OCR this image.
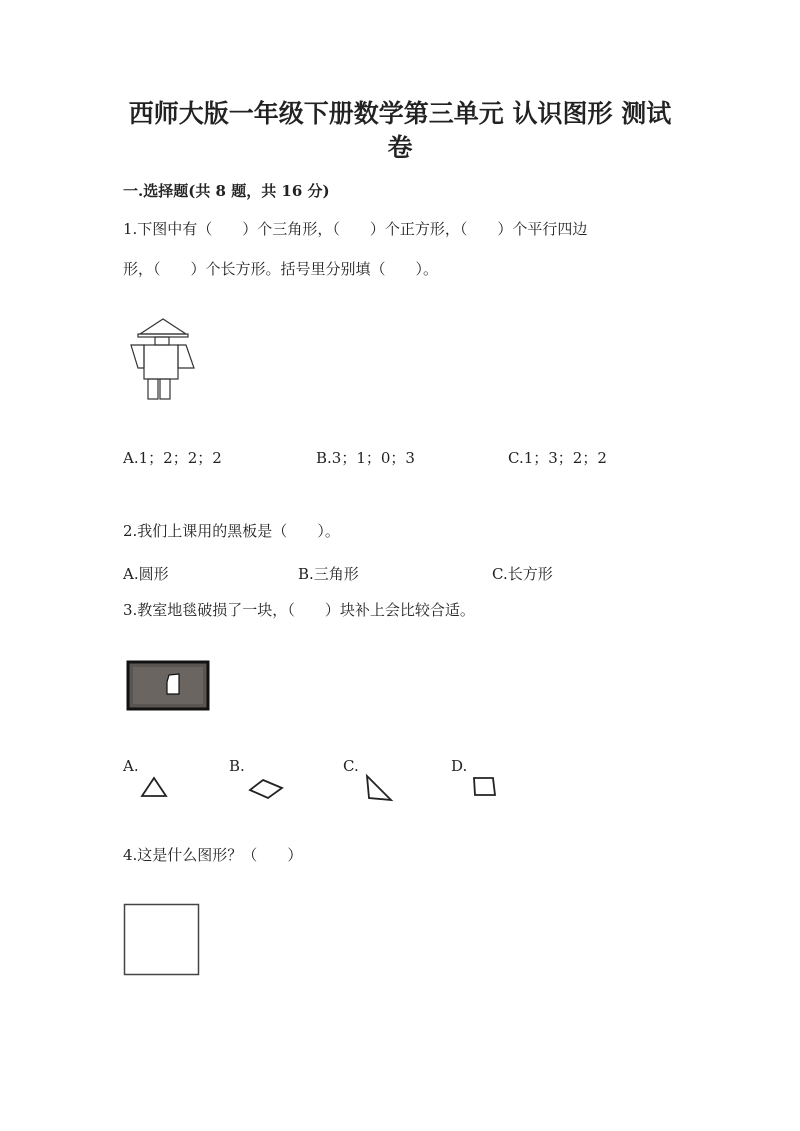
西师大版一年级下册数学第三单元 认识图形 测试
卷
一.选择题(共 8 题，共 16 分)
1.下图中有（　　）个三角形，（　　）个正方形，（　　）个平行四边
形，（　　）个长方形。括号里分别填（　　）。
A.1；2；2；2	B.3；1；0；3	C.1；3；2；2
2.我们上课用的黑板是（　　）。
A.圆形	B.三角形	C.长方形
3.教室地毯破损了一块，（　　）块补上会比较合适。
A.	B.	C.	D.
4.这是什么图形？（　　）
